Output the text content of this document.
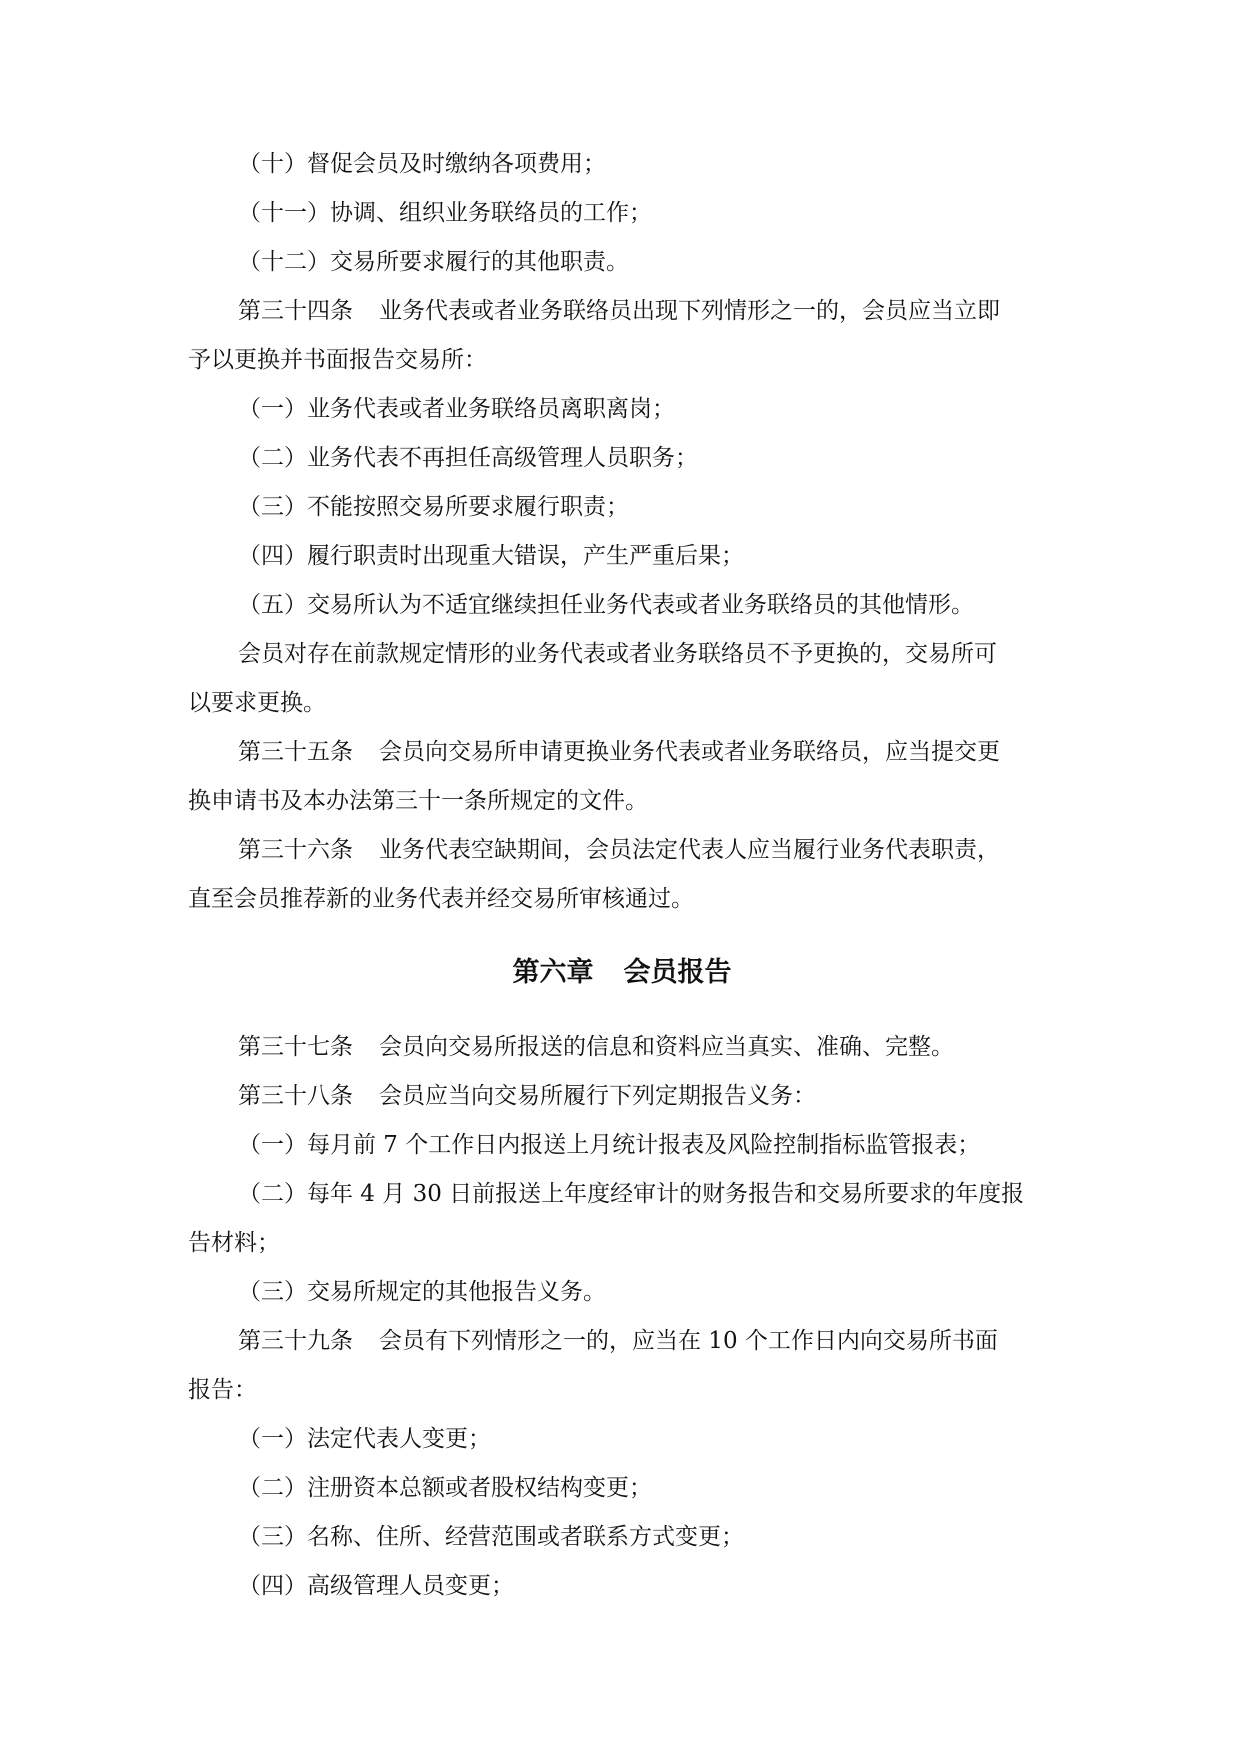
（十）督促会员及时缴纳各项费用；
（十一）协调、组织业务联络员的工作；
（十二）交易所要求履行的其他职责。
第三十四条 业务代表或者业务联络员出现下列情形之一的，会员应当立即
予以更换并书面报告交易所：
（一）业务代表或者业务联络员离职离岗；
（二）业务代表不再担任高级管理人员职务；
（三）不能按照交易所要求履行职责；
（四）履行职责时出现重大错误，产生严重后果；
（五）交易所认为不适宜继续担任业务代表或者业务联络员的其他情形。
会员对存在前款规定情形的业务代表或者业务联络员不予更换的，交易所可
以要求更换。
第三十五条 会员向交易所申请更换业务代表或者业务联络员，应当提交更
换申请书及本办法第三十一条所规定的文件。
第三十六条 业务代表空缺期间，会员法定代表人应当履行业务代表职责，
直至会员推荐新的业务代表并经交易所审核通过。
第六章 会员报告
第三十七条 会员向交易所报送的信息和资料应当真实、准确、完整。
第三十八条 会员应当向交易所履行下列定期报告义务：
（一）每月前 7 个工作日内报送上月统计报表及风险控制指标监管报表；
（二）每年 4 月 30 日前报送上年度经审计的财务报告和交易所要求的年度报
告材料；
（三）交易所规定的其他报告义务。
第三十九条 会员有下列情形之一的，应当在 10 个工作日内向交易所书面
报告：
（一）法定代表人变更；
（二）注册资本总额或者股权结构变更；
（三）名称、住所、经营范围或者联系方式变更；
（四）高级管理人员变更；
